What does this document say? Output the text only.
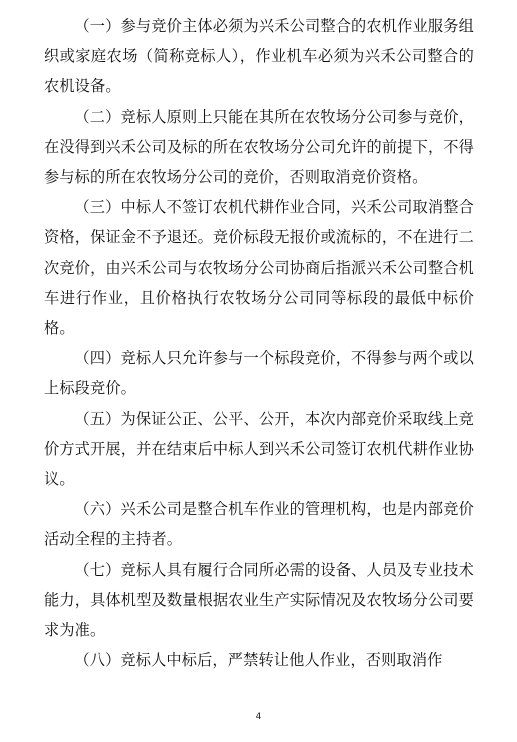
（一）参与竞价主体必须为兴禾公司整合的农机作业服务组织或家庭农场（简称竞标人），作业机车必须为兴禾公司整合的农机设备。

（二）竞标人原则上只能在其所在农牧场分公司参与竞价，在没得到兴禾公司及标的所在农牧场分公司允许的前提下，不得参与标的所在农牧场分公司的竞价，否则取消竞价资格。

（三）中标人不签订农机代耕作业合同，兴禾公司取消整合资格，保证金不予退还。竞价标段无报价或流标的，不在进行二次竞价，由兴禾公司与农牧场分公司协商后指派兴禾公司整合机车进行作业，且价格执行农牧场分公司同等标段的最低中标价格。

（四）竞标人只允许参与一个标段竞价，不得参与两个或以上标段竞价。

（五）为保证公正、公平、公开，本次内部竞价采取线上竞价方式开展，并在结束后中标人到兴禾公司签订农机代耕作业协议。

（六）兴禾公司是整合机车作业的管理机构，也是内部竞价活动全程的主持者。

（七）竞标人具有履行合同所必需的设备、人员及专业技术能力，具体机型及数量根据农业生产实际情况及农牧场分公司要求为准。

（八）竞标人中标后，严禁转让他人作业，否则取消作

4
